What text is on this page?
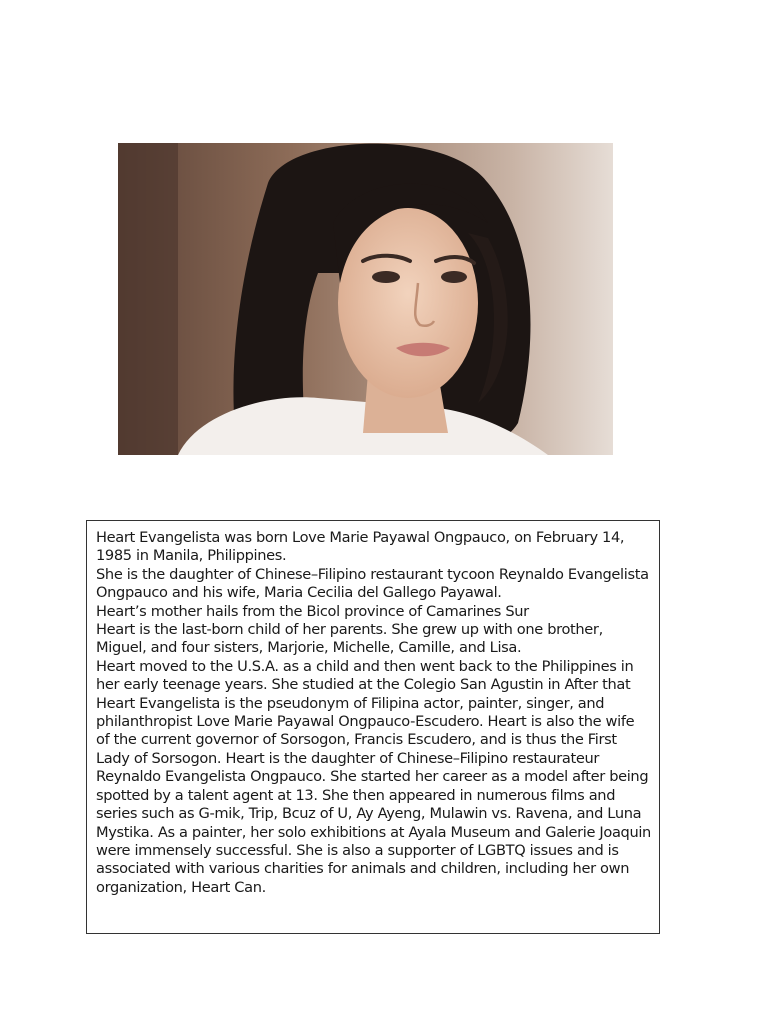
Heart Evangelista was born Love Marie Payawal Ongpauco, on February 14, 1985 in Manila, Philippines.

She is the daughter of Chinese–Filipino restaurant tycoon Reynaldo Evangelista Ongpauco and his wife, Maria Cecilia del Gallego Payawal.

Heart’s mother hails from the Bicol province of Camarines Sur

Heart is the last-born child of her parents. She grew up with one brother, Miguel, and four sisters, Marjorie, Michelle, Camille, and Lisa.

Heart moved to the U.S.A. as a child and then went back to the Philippines in her early teenage years. She studied at the Colegio San Agustin in After that

Heart Evangelista is the pseudonym of Filipina actor, painter, singer, and philanthropist Love Marie Payawal Ongpauco-Escudero. Heart is also the wife of the current governor of Sorsogon, Francis Escudero, and is thus the First Lady of Sorsogon. Heart is the daughter of Chinese–Filipino restaurateur Reynaldo Evangelista Ongpauco. She started her career as a model after being spotted by a talent agent at 13. She then appeared in numerous films and series such as G-mik, Trip, Bcuz of U, Ay Ayeng, Mulawin vs. Ravena, and Luna Mystika. As a painter, her solo exhibitions at Ayala Museum and Galerie Joaquin were immensely successful. She is also a supporter of LGBTQ issues and is associated with various charities for animals and children, including her own organization, Heart Can.
